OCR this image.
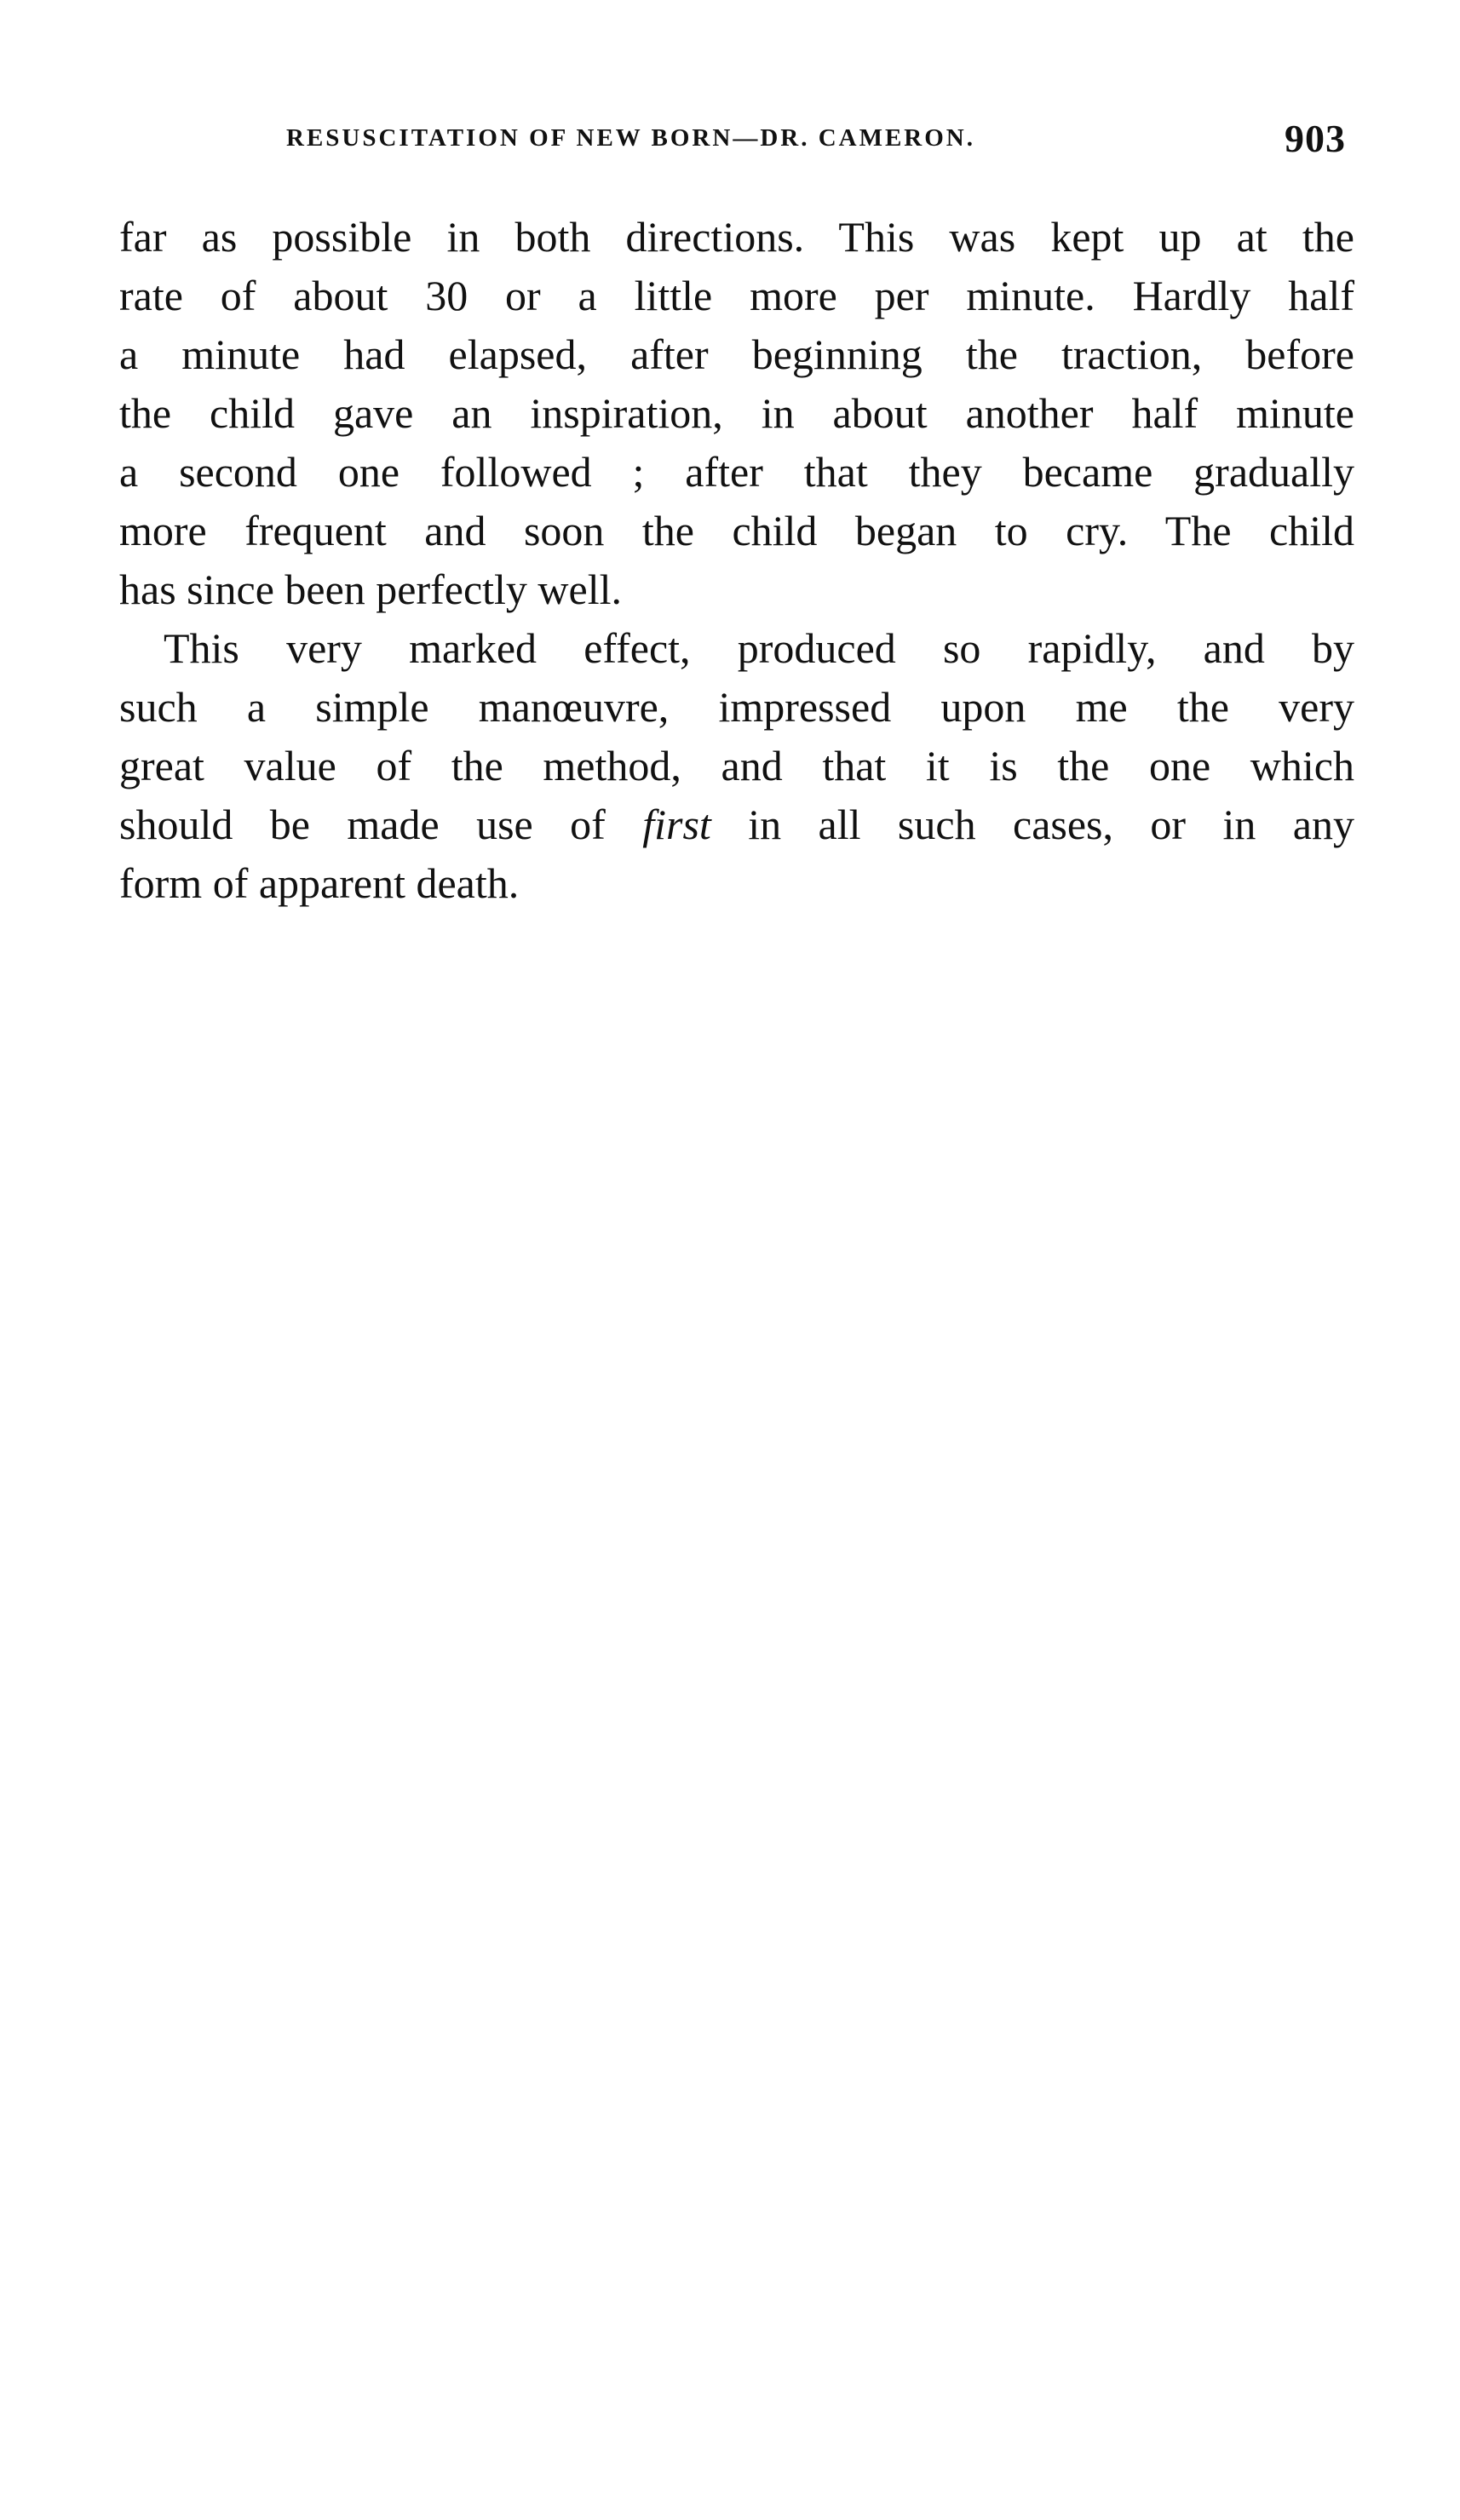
RESUSCITATION OF NEW BORN—DR. CAMERON.	903
far as possible in both directions. This was kept up at the
rate of about 30 or a little more per minute. Hardly half
a minute had elapsed, after beginning the traction, before
the child gave an inspiration, in about another half minute
a second one followed ; after that they became gradually
more frequent and soon the child began to cry. The child
has since been perfectly well.
This very marked effect, produced so rapidly, and by
such a simple manœuvre, impressed upon me the very
great value of the method, and that it is the one which
should be made use of first in all such cases, or in any
form of apparent death.
